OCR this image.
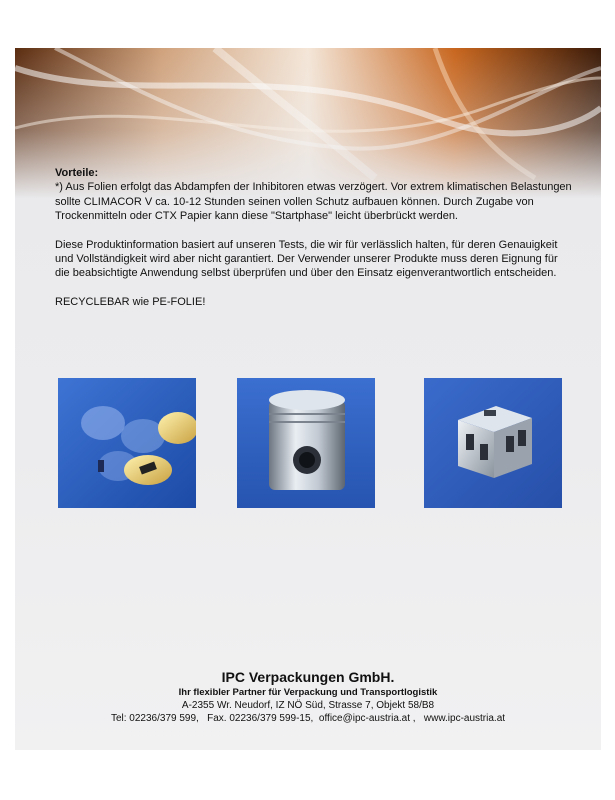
Vorteile:

*) Aus Folien erfolgt das Abdampfen der Inhibitoren etwas verzögert. Vor extrem klimatischen Belastungen sollte CLIMACOR V ca. 10-12 Stunden seinen vollen Schutz aufbauen können. Durch Zugabe von Trockenmitteln oder CTX Papier kann diese "Startphase" leicht überbrückt werden.

Diese Produktinformation basiert auf unseren Tests, die wir für verlässlich halten, für deren Genauigkeit und Vollständigkeit wird aber nicht garantiert. Der Verwender unserer Produkte muss deren Eignung für die beabsichtigte Anwendung selbst überprüfen und über den Einsatz eigenverantwortlich entscheiden.

RECYCLEBAR wie PE-FOLIE!

IPC Verpackungen GmbH.
Ihr flexibler Partner für Verpackung und Transportlogistik
A-2355 Wr. Neudorf, IZ NÖ Süd, Strasse 7, Objekt 58/B8
Tel: 02236/379 599,   Fax. 02236/379 599-15,  office@ipc-austria.at ,   www.ipc-austria.at
